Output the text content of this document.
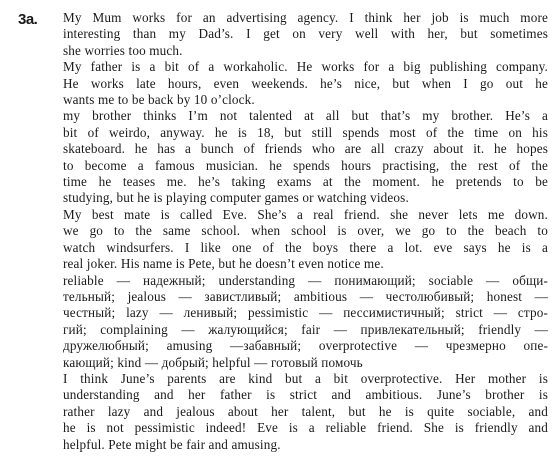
3а. My Mum works for an advertising agency. I think her job is much more
interesting than my Dad’s. I get on very well with her, but sometimes
she worries too much.
My father is a bit of a workaholic. He works for a big publishing company.
He works late hours, even weekends. he’s nice, but when I go out he
wants me to be back by 10 o’clock.
my brother thinks I’m not talented at all but that’s my brother. He’s a
bit of weirdo, anyway. he is 18, but still spends most of the time on his
skateboard. he has a bunch of friends who are all crazy about it. he hopes
to become a famous musician. he spends hours practising, the rest of the
time he teases me. he’s taking exams at the moment. he pretends to be
studying, but he is playing computer games or watching videos.
My best mate is called Eve. She’s a real friend. she never lets me down.
we go to the same school. when school is over, we go to the beach to
watch windsurfers. I like one of the boys there a lot. eve says he is a
real joker. His name is Pete, but he doesn’t even notice me.
reliable — надежный; understanding — понимающий; sociable — общи-
тельный; jealous — завистливый; ambitious — честолюбивый; honest —
честный; lazy — ленивый; pessimistic — пессимистичный; strict — стро-
гий; complaining — жалующийся; fair — привлекательный; friendly —
дружелюбный; amusing —забавный; overprotective — чрезмерно опе-
кающий; kind — добрый; helpful — готовый помочь
I think June’s parents are kind but a bit overprotective. Her mother is
understanding and her father is strict and ambitious. June’s brother is
rather lazy and jealous about her talent, but he is quite sociable, and
he is not pessimistic indeed! Eve is a reliable friend. She is friendly and
helpful. Pete might be fair and amusing.
